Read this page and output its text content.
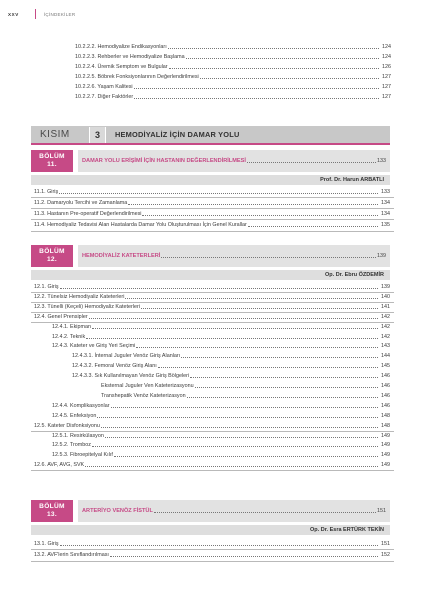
XXV	İÇİNDEKİLER
10.2.2.2. Hemodiyalize Endikasyonları	124
10.2.2.3. Rehberler ve Hemodiyalize Başlama	124
10.2.2.4. Üremik Semptom ve Bulgular	126
10.2.2.5. Böbrek Fonksiyonlarının Değerlendirilmesi	127
10.2.2.6. Yaşam Kalitesi	127
10.2.2.7. Diğer Faktörler	127
KISIM	3	HEMODİYALİZ İÇİN DAMAR YOLU
BÖLÜM
11.	DAMAR YOLU ERİŞİMİ İÇİN HASTANIN DEĞERLENDİRİLMESİ	133
Prof. Dr. Harun ARBATLI
11.1. Giriş	133
11.2. Damaryolu Tercihi ve Zamanlama	134
11.3. Hastanın Pre-operatif Değerlendirilmesi	134
11.4. Hemodiyaliz Tedavisi Alan Hastalarda Damar Yolu Oluşturulması İçin Genel Kurallar	135
BÖLÜM
12.	HEMODİYALİZ KATETERLERİ	139
Op. Dr. Ebru ÖZDEMİR
12.1. Giriş	139
12.2. Tünelsiz Hemodiyaliz Kateterleri	140
12.3. Tünelli (Keçeli) Hemodiyaliz Kateterleri	141
12.4. Genel Prensipler	142
12.4.1. Ekipman	142
12.4.2. Teknik	142
12.4.3. Kateter ve Giriş Yeri Seçimi	143
12.4.3.1. İnternal Juguler Venöz Giriş Alanları	144
12.4.3.2. Femoral Venöz Giriş Alanı	145
12.4.3.3. Sık Kullanılmayan Venöz Giriş Bölgeleri	146
Eksternal Juguler Ven Kateterizasyonu	146
Transhepatik Venöz Kateterizasyon	146
12.4.4. Komplikasyonlar	146
12.4.5. Enfeksiyon	148
12.5. Kateter Disfonksiyonu	148
12.5.1. Resirkülasyon	149
12.5.2. Tromboz	149
12.5.3. Fibroepitelyal Kılıf	149
12.6. AVF, AVG, SVK	149
BÖLÜM
13.	ARTERİYO VENÖZ FİSTÜL	151
Op. Dr. Esra ERTÜRK TEKİN
13.1. Giriş	151
13.2. AVF'lerin Sınıflandırılması	152
